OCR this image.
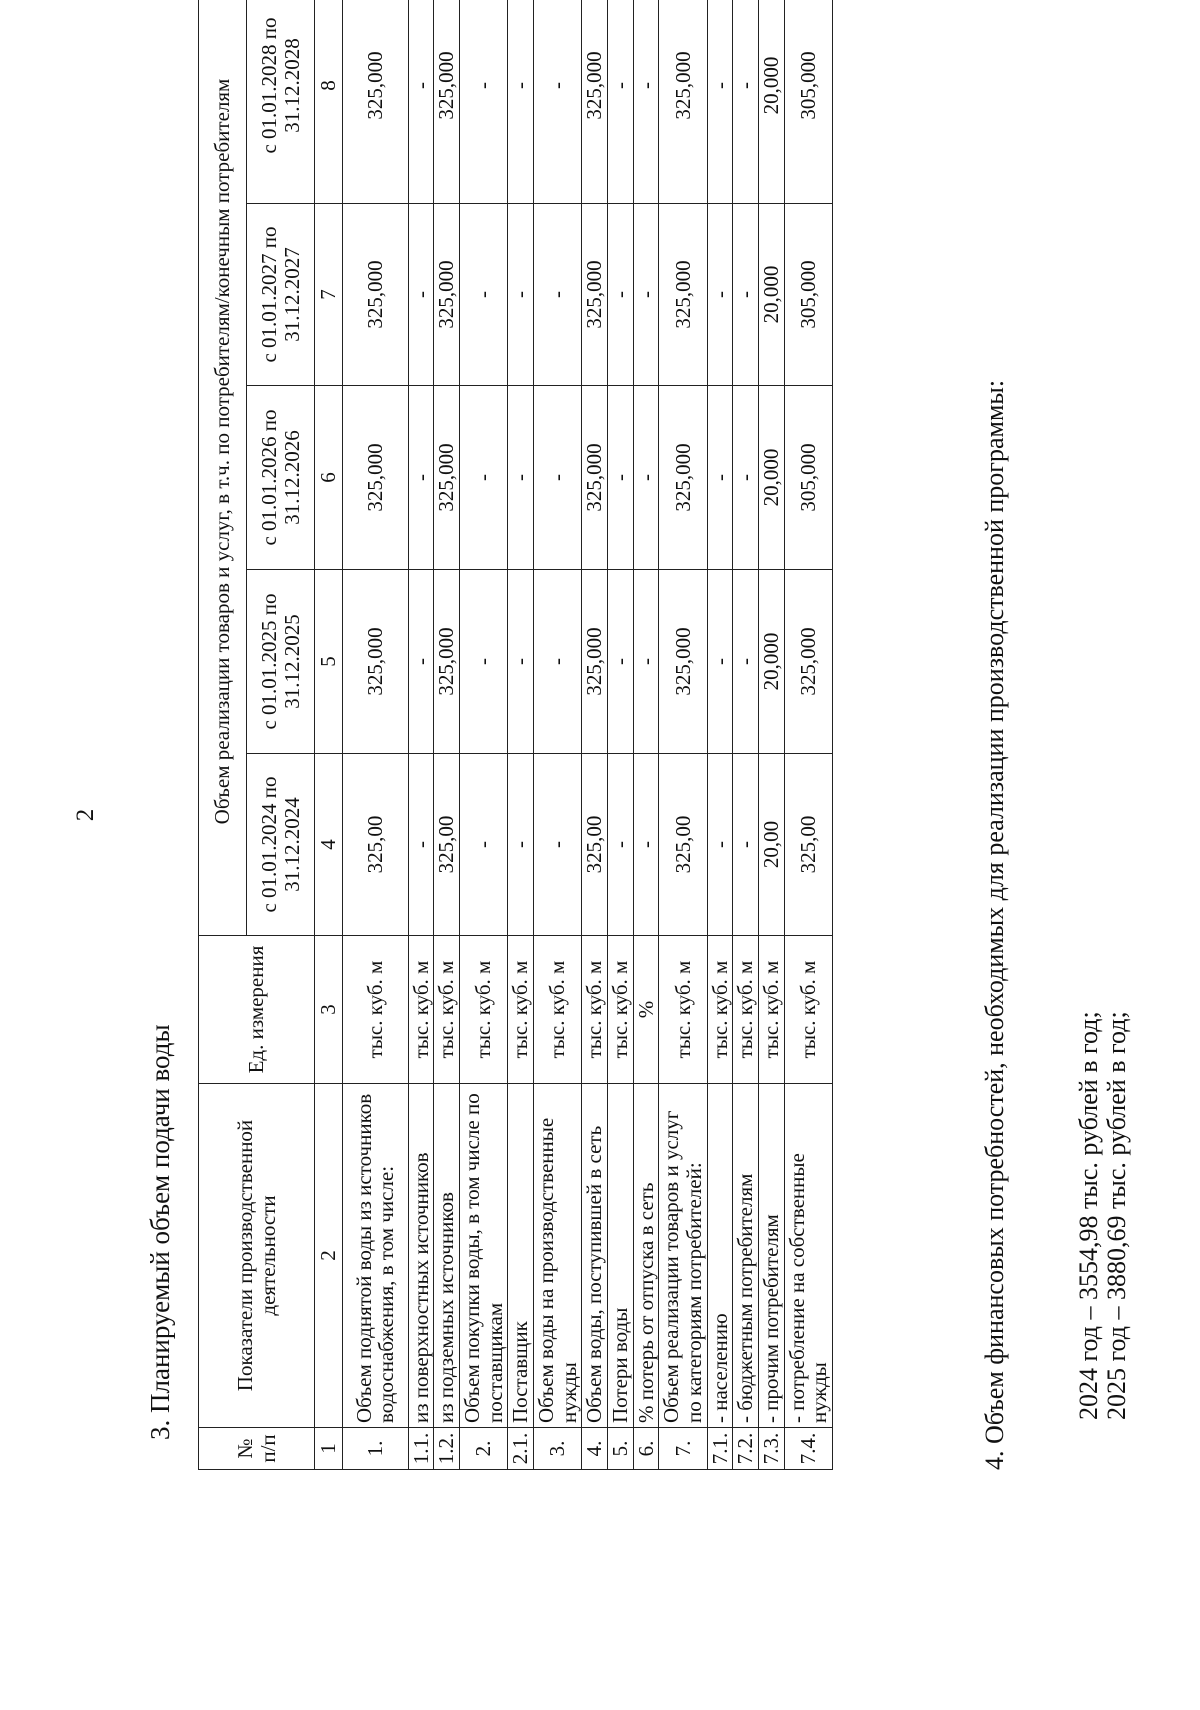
2
3. Планируемый объем подачи воды
№ п/п	Показатели производственной деятельности	Ед. измерения	Объем реализации товаров и услуг, в т.ч. по потребителям/конечным потребителям				
			с 01.01.2024 по 31.12.2024	с 01.01.2025 по 31.12.2025	с 01.01.2026 по 31.12.2026	с 01.01.2027 по 31.12.2027	с 01.01.2028 по 31.12.2028
1	2	3	4	5	6	7	8
1.	Объем поднятой воды из источников водоснабжения, в том числе:	тыс. куб. м	325,00	325,000	325,000	325,000	325,000
1.1.	из поверхностных источников	тыс. куб. м	-	-	-	-	-
1.2.	из подземных источников	тыс. куб. м	325,00	325,000	325,000	325,000	325,000
2.	Объем покупки воды, в том числе по поставщикам	тыс. куб. м	-	-	-	-	-
2.1.	Поставщик	тыс. куб. м	-	-	-	-	-
3.	Объем воды на производственные нужды	тыс. куб. м	-	-	-	-	-
4.	Объем воды, поступившей в сеть	тыс. куб. м	325,00	325,000	325,000	325,000	325,000
5.	Потери воды	тыс. куб. м	-	-	-	-	-
6.	% потерь от отпуска в сеть	%	-	-	-	-	-
7.	Объем реализации товаров и услуг по категориям потребителей:	тыс. куб. м	325,00	325,000	325,000	325,000	325,000
7.1.	- населению	тыс. куб. м	-	-	-	-	-
7.2.	- бюджетным потребителям	тыс. куб. м	-	-	-	-	-
7.3.	- прочим потребителям	тыс. куб. м	20,00	20,000	20,000	20,000	20,000
7.4.	- потребление на собственные нужды	тыс. куб. м	325,00	325,000	305,000	305,000	305,000
4. Объем финансовых потребностей, необходимых для реализации производственной программы:	2024 год – 3554,98 тыс. рублей в год; 2025 год – 3880,69 тыс. рублей в год;
